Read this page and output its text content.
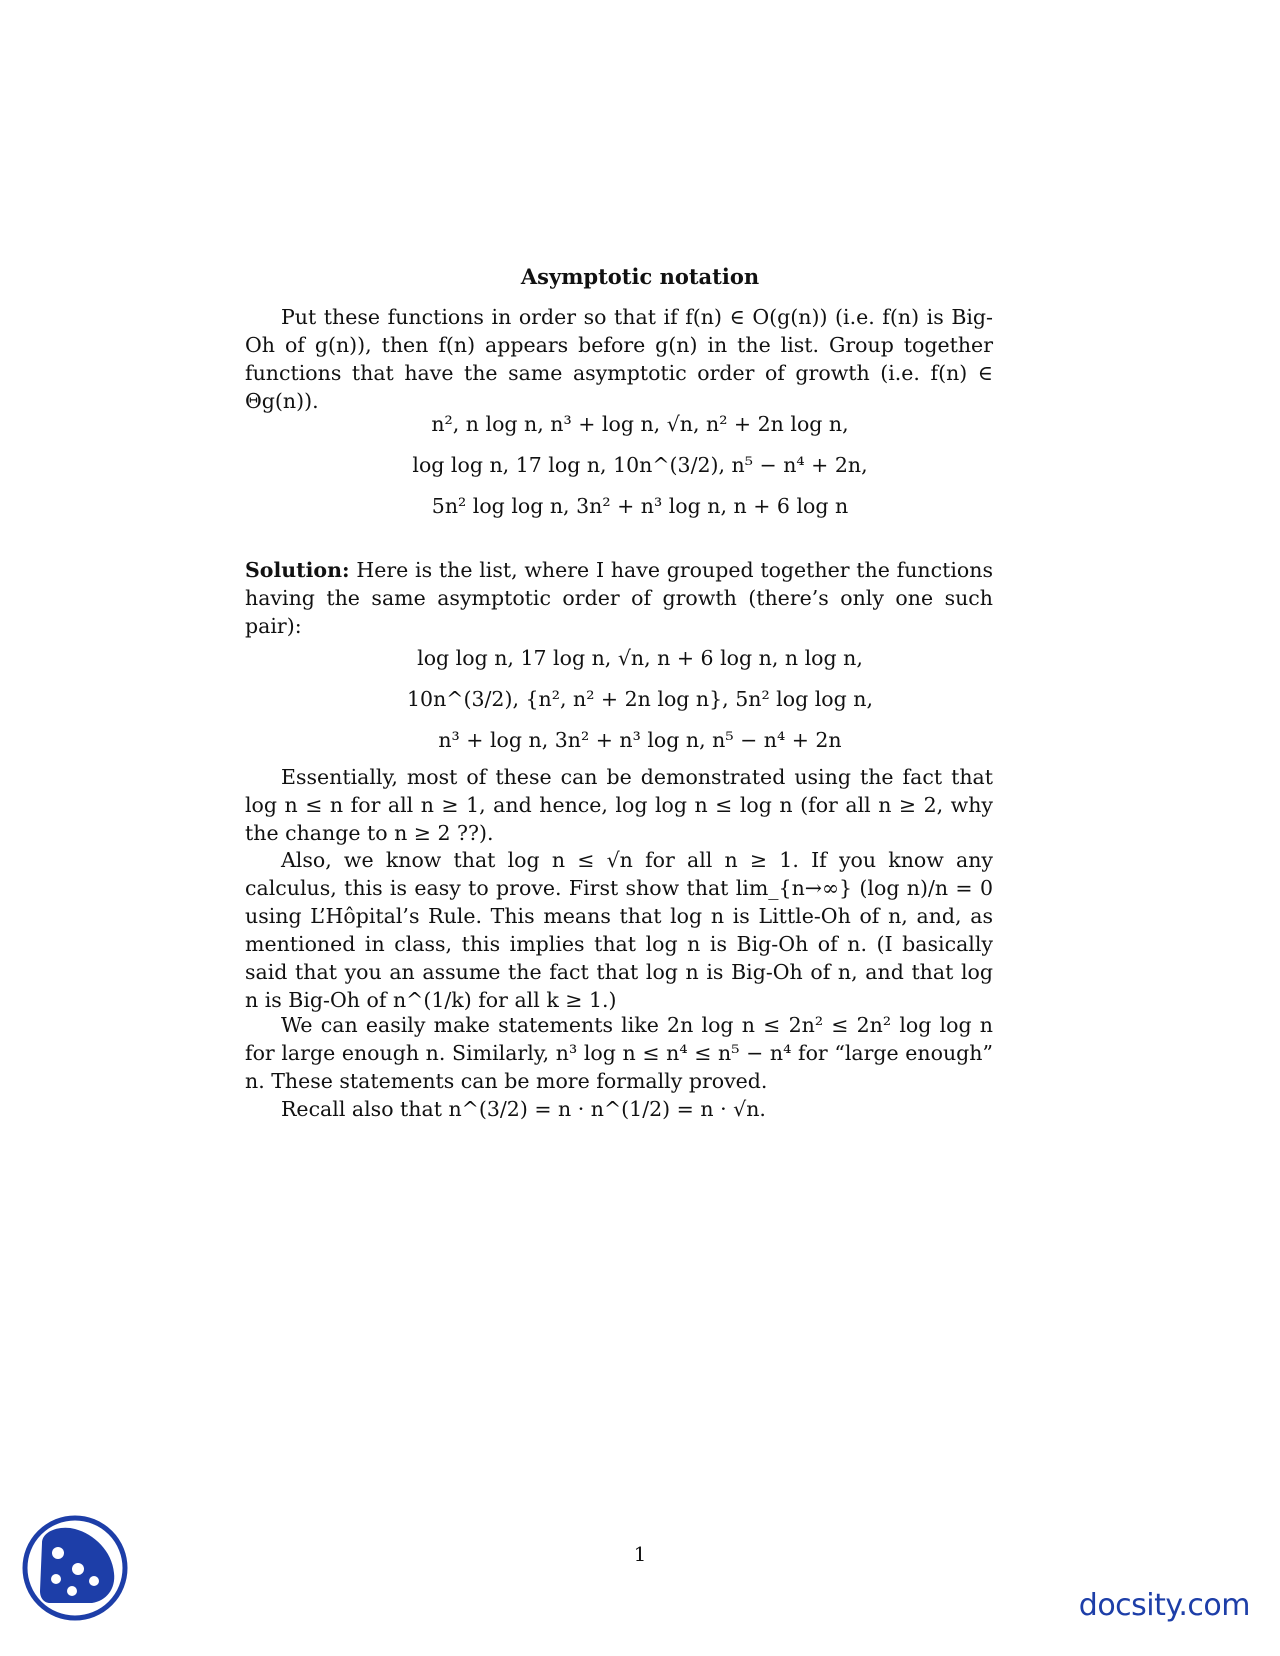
Asymptotic notation
Put these functions in order so that if f(n) ∈ O(g(n)) (i.e. f(n) is Big-Oh of g(n)), then f(n) appears before g(n) in the list. Group together functions that have the same asymptotic order of growth (i.e. f(n) ∈ Θg(n)).
n², n log n, n³ + log n, √n, n² + 2n log n,
log log n, 17 log n, 10n^(3/2), n⁵ − n⁴ + 2n,
5n² log log n, 3n² + n³ log n, n + 6 log n
Solution: Here is the list, where I have grouped together the functions having the same asymptotic order of growth (there’s only one such pair):
log log n, 17 log n, √n, n + 6 log n, n log n,
10n^(3/2), {n², n² + 2n log n}, 5n² log log n,
n³ + log n, 3n² + n³ log n, n⁵ − n⁴ + 2n
Essentially, most of these can be demonstrated using the fact that log n ≤ n for all n ≥ 1, and hence, log log n ≤ log n (for all n ≥ 2, why the change to n ≥ 2 ??).
Also, we know that log n ≤ √n for all n ≥ 1. If you know any calculus, this is easy to prove. First show that lim_{n→∞} (log n)/n = 0 using L’Hôpital’s Rule. This means that log n is Little-Oh of n, and, as mentioned in class, this implies that log n is Big-Oh of n. (I basically said that you an assume the fact that log n is Big-Oh of n, and that log n is Big-Oh of n^(1/k) for all k ≥ 1.)
We can easily make statements like 2n log n ≤ 2n² ≤ 2n² log log n for large enough n. Similarly, n³ log n ≤ n⁴ ≤ n⁵ − n⁴ for “large enough” n. These statements can be more formally proved.
Recall also that n^(3/2) = n · n^(1/2) = n · √n.
1
docsity.com
